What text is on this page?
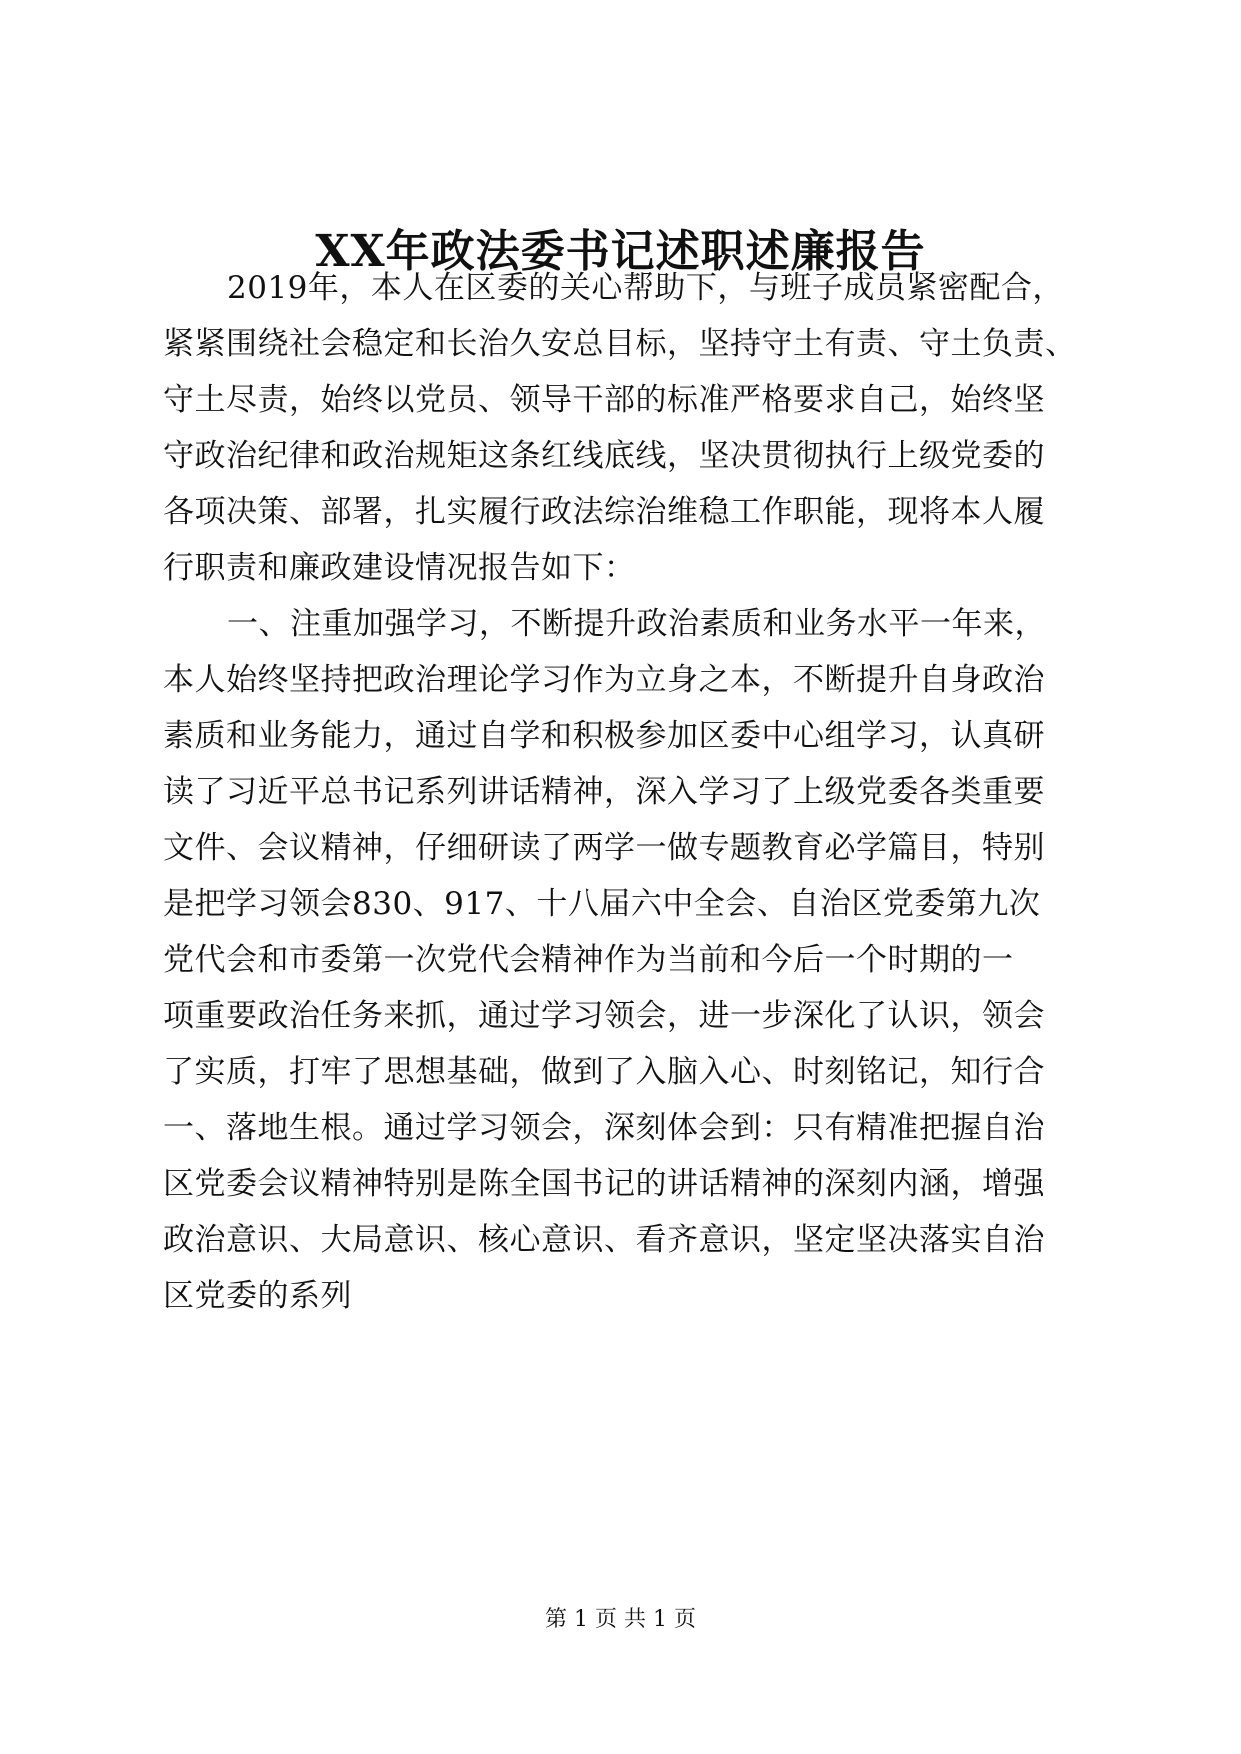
XX年政法委书记述职述廉报告
2019年，本人在区委的关心帮助下，与班子成员紧密配合，
紧紧围绕社会稳定和长治久安总目标，坚持守土有责、守土负责、
守土尽责，始终以党员、领导干部的标准严格要求自己，始终坚
守政治纪律和政治规矩这条红线底线，坚决贯彻执行上级党委的
各项决策、部署，扎实履行政法综治维稳工作职能，现将本人履
行职责和廉政建设情况报告如下：
一、注重加强学习，不断提升政治素质和业务水平一年来，
本人始终坚持把政治理论学习作为立身之本，不断提升自身政治
素质和业务能力，通过自学和积极参加区委中心组学习，认真研
读了习近平总书记系列讲话精神，深入学习了上级党委各类重要
文件、会议精神，仔细研读了两学一做专题教育必学篇目，特别
是把学习领会830、917、十八届六中全会、自治区党委第九次
党代会和市委第一次党代会精神作为当前和今后一个时期的一
项重要政治任务来抓，通过学习领会，进一步深化了认识，领会
了实质，打牢了思想基础，做到了入脑入心、时刻铭记，知行合
一、落地生根。通过学习领会，深刻体会到：只有精准把握自治
区党委会议精神特别是陈全国书记的讲话精神的深刻内涵，增强
政治意识、大局意识、核心意识、看齐意识，坚定坚决落实自治
区党委的系列
第 1 页 共 1 页
